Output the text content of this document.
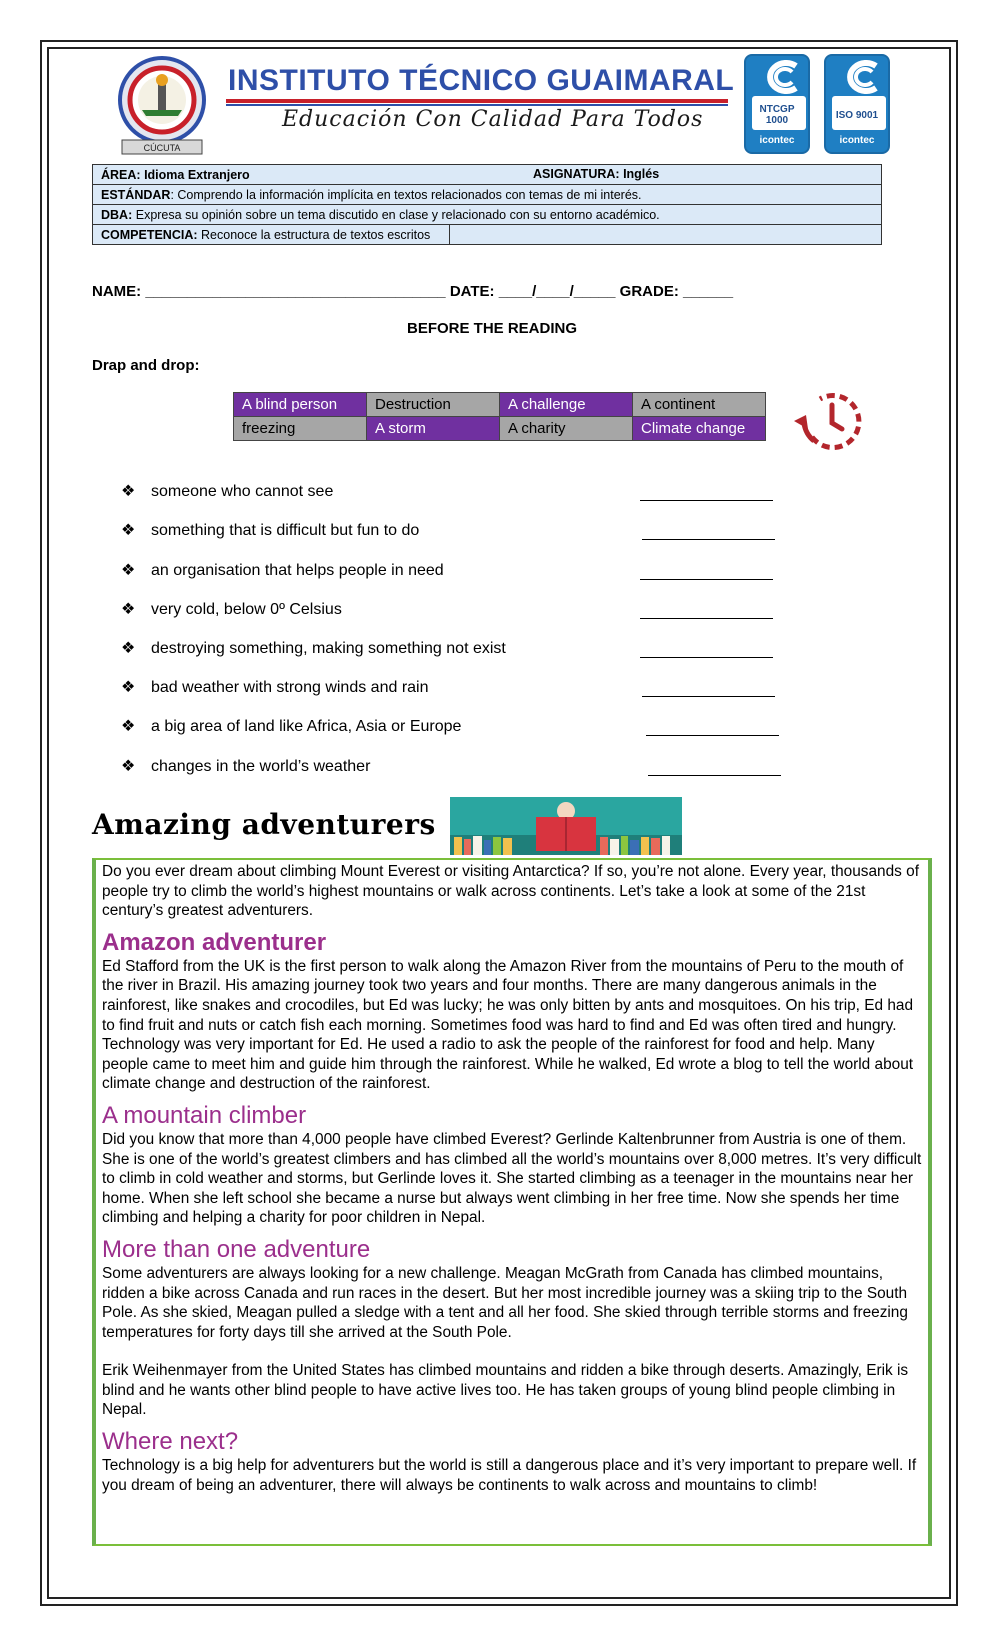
CÚCUTA
INSTITUTO TÉCNICO GUAIMARAL
Educación Con Calidad Para Todos	NTCGP
1000
icontec
ISO 9001
icontec
ÁREA: Idioma Extranjero	ASIGNATURA: Inglés

ESTÁNDAR: Comprendo la información implícita en textos relacionados con temas de mi interés.
DBA: Expresa su opinión sobre un tema discutido en clase y relacionado con su entorno académico.
COMPETENCIA: Reconoce la estructura de textos escritos	
NAME: ____________________________________ DATE: ____/____/_____ GRADE: ______
BEFORE THE READING
Drap and drop:
A blind person	Destruction	A challenge	A continent
freezing	A storm	A charity	Climate change
❖ someone who cannot see
❖ something that is difficult but fun to do
❖ an organisation that helps people in need
❖ very cold, below 0º Celsius
❖ destroying something, making something not exist
❖ bad weather with strong winds and rain
❖ a big area of land like Africa, Asia or Europe
❖ changes in the world’s weather
Amazing adventurers

Do you ever dream about climbing Mount Everest or visiting Antarctica? If so, you’re not alone. Every year, thousands of people try to climb the world’s highest mountains or walk across continents. Let’s take a look at some of the 21st century’s greatest adventurers.

Amazon adventurer

Ed Stafford from the UK is the first person to walk along the Amazon River from the mountains of Peru to the mouth of the river in Brazil. His amazing journey took two years and four months. There are many dangerous animals in the rainforest, like snakes and crocodiles, but Ed was lucky; he was only bitten by ants and mosquitoes. On his trip, Ed had to find fruit and nuts or catch fish each morning. Sometimes food was hard to find and Ed was often tired and hungry.

Technology was very important for Ed. He used a radio to ask the people of the rainforest for food and help. Many people came to meet him and guide him through the rainforest. While he walked, Ed wrote a blog to tell the world about climate change and destruction of the rainforest.

A mountain climber

Did you know that more than 4,000 people have climbed Everest? Gerlinde Kaltenbrunner from Austria is one of them. She is one of the world’s greatest climbers and has climbed all the world’s mountains over 8,000 metres. It’s very difficult to climb in cold weather and storms, but Gerlinde loves it. She started climbing as a teenager in the mountains near her home. When she left school she became a nurse but always went climbing in her free time. Now she spends her time climbing and helping a charity for poor children in Nepal.

More than one adventure

Some adventurers are always looking for a new challenge. Meagan McGrath from Canada has climbed mountains, ridden a bike across Canada and run races in the desert. But her most incredible journey was a skiing trip to the South Pole. As she skied, Meagan pulled a sledge with a tent and all her food. She skied through terrible storms and freezing temperatures for forty days till she arrived at the South Pole.

Erik Weihenmayer from the United States has climbed mountains and ridden a bike through deserts. Amazingly, Erik is blind and he wants other blind people to have active lives too. He has taken groups of young blind people climbing in Nepal.

Where next?

Technology is a big help for adventurers but the world is still a dangerous place and it’s very important to prepare well. If you dream of being an adventurer, there will always be continents to walk across and mountains to climb!
